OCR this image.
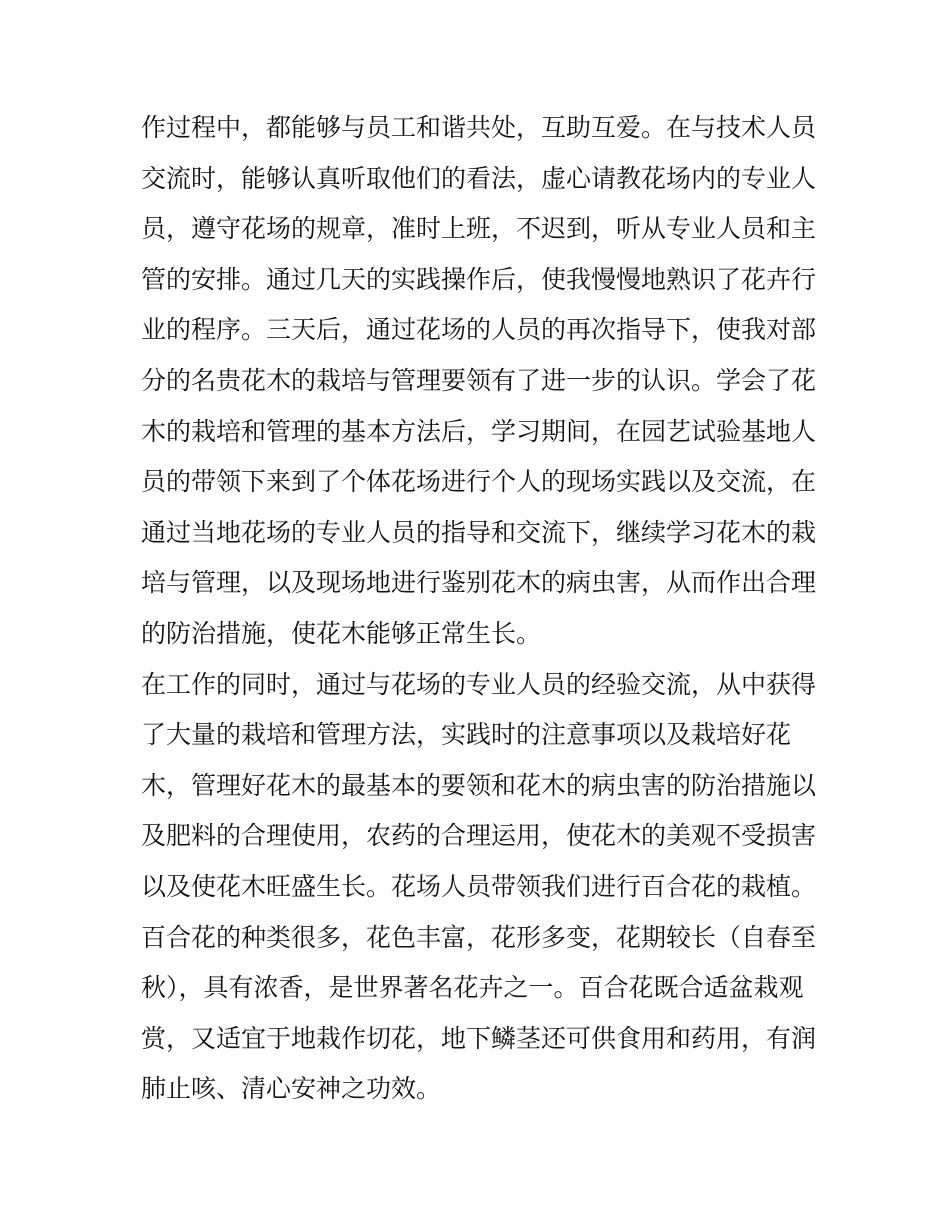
作过程中，都能够与员工和谐共处，互助互爱。在与技术人员
交流时，能够认真听取他们的看法，虚心请教花场内的专业人
员，遵守花场的规章，准时上班，不迟到，听从专业人员和主
管的安排。通过几天的实践操作后，使我慢慢地熟识了花卉行
业的程序。三天后，通过花场的人员的再次指导下，使我对部
分的名贵花木的栽培与管理要领有了进一步的认识。学会了花
木的栽培和管理的基本方法后，学习期间，在园艺试验基地人
员的带领下来到了个体花场进行个人的现场实践以及交流，在
通过当地花场的专业人员的指导和交流下，继续学习花木的栽
培与管理，以及现场地进行鉴别花木的病虫害，从而作出合理
的防治措施，使花木能够正常生长。
在工作的同时，通过与花场的专业人员的经验交流，从中获得
了大量的栽培和管理方法，实践时的注意事项以及栽培好花
木，管理好花木的最基本的要领和花木的病虫害的防治措施以
及肥料的合理使用，农药的合理运用，使花木的美观不受损害
以及使花木旺盛生长。花场人员带领我们进行百合花的栽植。
百合花的种类很多，花色丰富，花形多变，花期较长（自春至
秋），具有浓香，是世界著名花卉之一。百合花既合适盆栽观
赏，又适宜于地栽作切花，地下鳞茎还可供食用和药用，有润
肺止咳、清心安神之功效。
